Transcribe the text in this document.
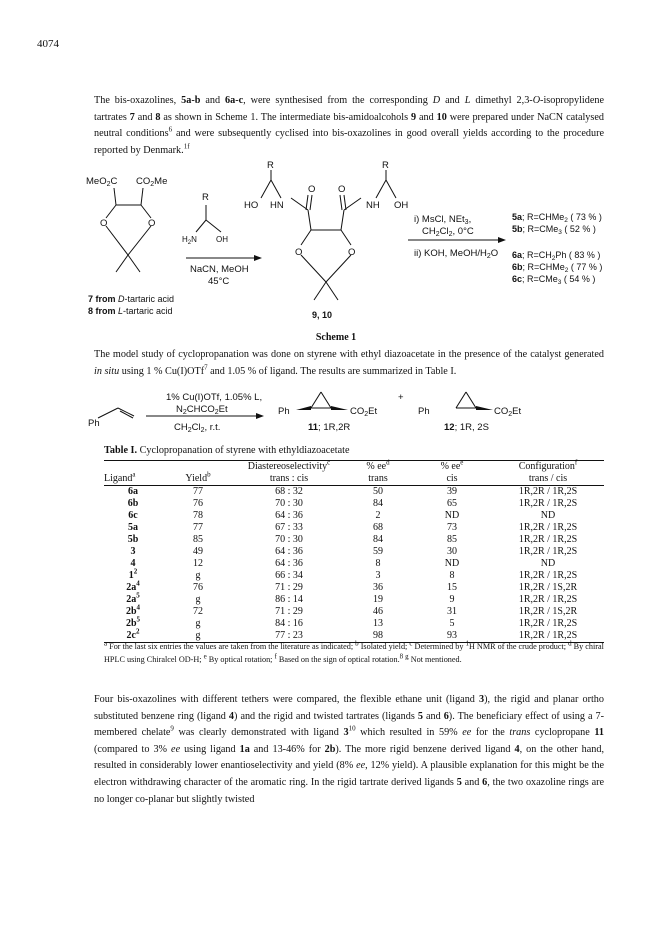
4074

The bis-oxazolines, 5a-b and 6a-c, were synthesised from the corresponding D and L dimethyl 2,3-O-isopropylidene tartrates 7 and 8 as shown in Scheme 1. The intermediate bis-amidoalcohols 9 and 10 were prepared under NaCN catalysed neutral conditions$^6$ and were subsequently cyclised into bis-oxazolines in good overall yields according to the procedure reported by Denmark.$^{1f}$

MeO$_2$C $CO_2Me$
O	O
R
$H_2N$ OH
NaCN, MeOH
45°C
R	R
HO HN	NH OH
O O
O	O
i) MsCl, NEt$_3$,
$CH_2Cl_2$, 0°C
ii) KOH, MeOH/$H_2O$
5a; R=CHMe$_2$ ( 73 % )
5b; R=CMe$_3$ ( 52 % )
6a; $R=CH_2Ph$ ( 83 % )
6b; R=CHMe$_2$ ( 77 % )
6c; R=CMe$_3$ ( 54 % )
7 from D-tartaric acid
8 from L-tartaric acid	9, 10
Scheme 1

The model study of cyclopropanation was done on styrene with ethyl diazoacetate in the presence of the catalyst generated in situ using 1 % Cu(I)OTf$^7$ and 1.05 % of ligand. The results are summarized in Table I.

Ph
1% Cu(I)OTf, 1.05% L,
$N_2CHCO_2Et$
$CH_2Cl_2$, r.t.
Ph	$CO_2Et$
+
Ph	$CO_2Et$
11; 1R,2R	12; 1R, 2S
Table I. Cyclopropanation of styrene with ethyldiazoacetate
		Diastereoselectivity$^c$	% $ee^d$	% $ee^e$	Configuration$^f$
Ligand$^a$	Yield$^b$	trans : cis	trans	cis	trans / cis
6a	77	68 : 32	50	39	1R,2R / 1R,2S
6b	76	70 : 30	84	65	1R,2R / 1R,2S
6c	78	64 : 36	2	ND	ND
5a	77	67 : 33	68	73	1R,2R / 1R,2S
5b	85	70 : 30	84	85	1R,2R / 1R,2S
3	49	64 : 36	59	30	1R,2R / 1R,2S
4	12	64 : 36	8	ND	ND
$1^2$	g	66 : 34	3	8	1R,2R / 1R,2S
$2a^4$	76	71 : 29	36	15	1R,2R / 1S,2R
$2a^5$	g	86 : 14	19	9	1R,2R / 1R,2S
$2b^4$	72	71 : 29	46	31	1R,2R / 1S,2R
$2b^5$	g	84 : 16	13	5	1R,2R / 1R,2S
$2c^2$	g	77 : 23	98	93	1R,2R / 1R,2S

$^a$ For the last six entries the values are taken from the literature as indicated; $^b$ Isolated yield; $^c$ Determined by $^1$H NMR of the crude product; $^d$ By chiral HPLC using Chiralcel OD-H; $^e$ By optical rotation; $^f$ Based on the sign of optical rotation.$^8$ $^g$ Not mentioned.

Four bis-oxazolines with different tethers were compared, the flexible ethane unit (ligand 3), the rigid and planar ortho substituted benzene ring (ligand 4) and the rigid and twisted tartrates (ligands 5 and 6). The beneficiary effect of using a 7-membered chelate$^9$ was clearly demonstrated with ligand $3^{10}$ which resulted in 59% ee for the trans cyclopropane 11 (compared to 3% ee using ligand 1a and 13-46% for 2b). The more rigid benzene derived ligand 4, on the other hand, resulted in considerably lower enantioselectivity and yield (8% ee, 12% yield). A plausible explanation for this might be the electron withdrawing character of the aromatic ring. In the rigid tartrate derived ligands 5 and 6, the two oxazoline rings are no longer co-planar but slightly twisted
